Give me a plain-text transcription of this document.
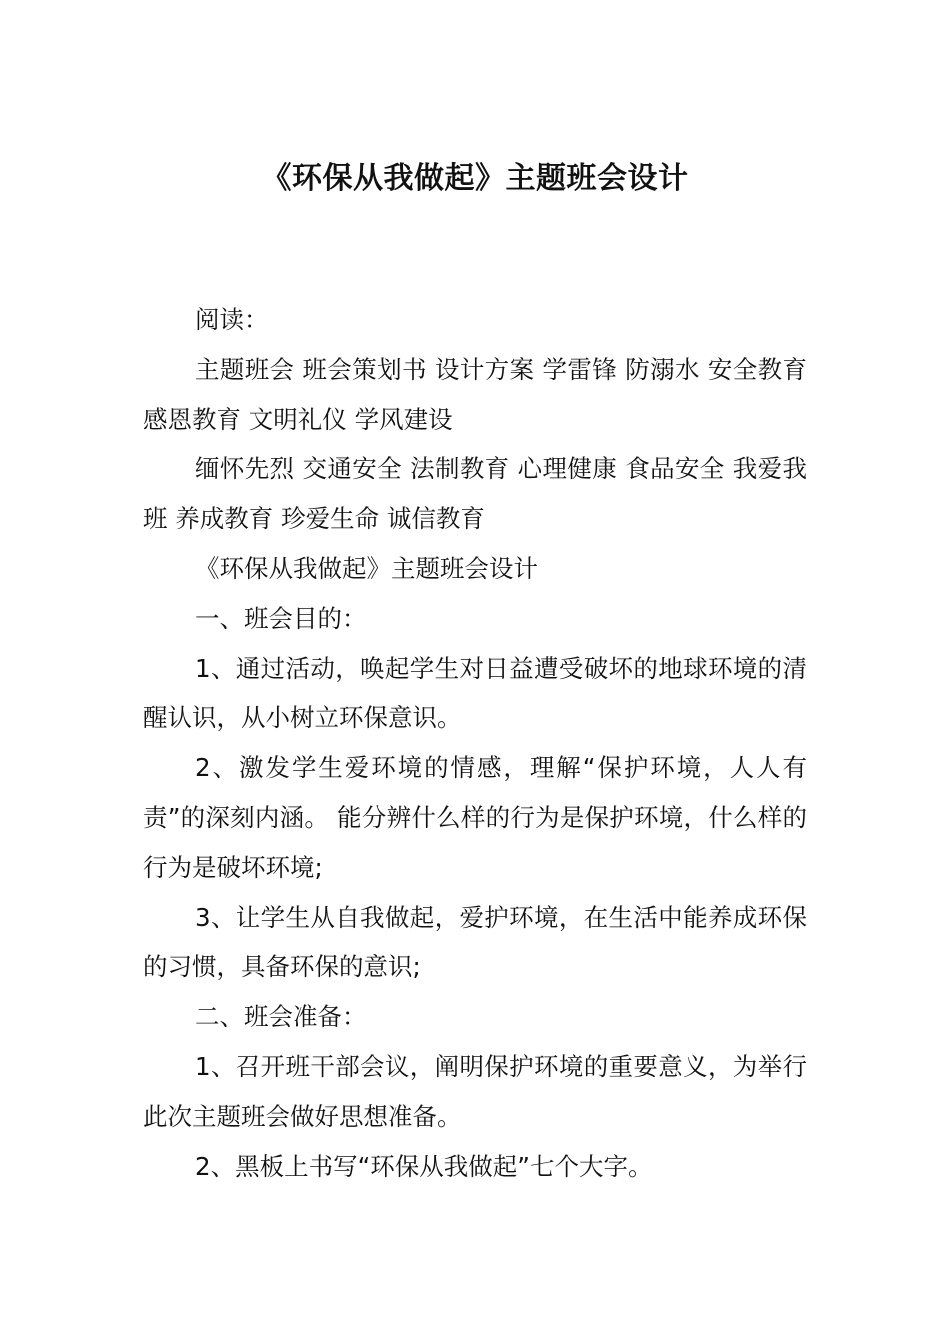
《环保从我做起》主题班会设计

阅读：

主题班会 班会策划书 设计方案 学雷锋 防溺水 安全教育 感恩教育 文明礼仪 学风建设

缅怀先烈 交通安全 法制教育 心理健康 食品安全 我爱我班 养成教育 珍爱生命 诚信教育

《环保从我做起》主题班会设计

一、班会目的：

1、通过活动，唤起学生对日益遭受破坏的地球环境的清醒认识，从小树立环保意识。

2、激发学生爱环境的情感，理解“保护环境，人人有责”的深刻内涵。 能分辨什么样的行为是保护环境，什么样的行为是破坏环境;

3、让学生从自我做起，爱护环境，在生活中能养成环保的习惯，具备环保的意识;

二、班会准备：

1、召开班干部会议，阐明保护环境的重要意义，为举行此次主题班会做好思想准备。

2、黑板上书写“环保从我做起”七个大字。
